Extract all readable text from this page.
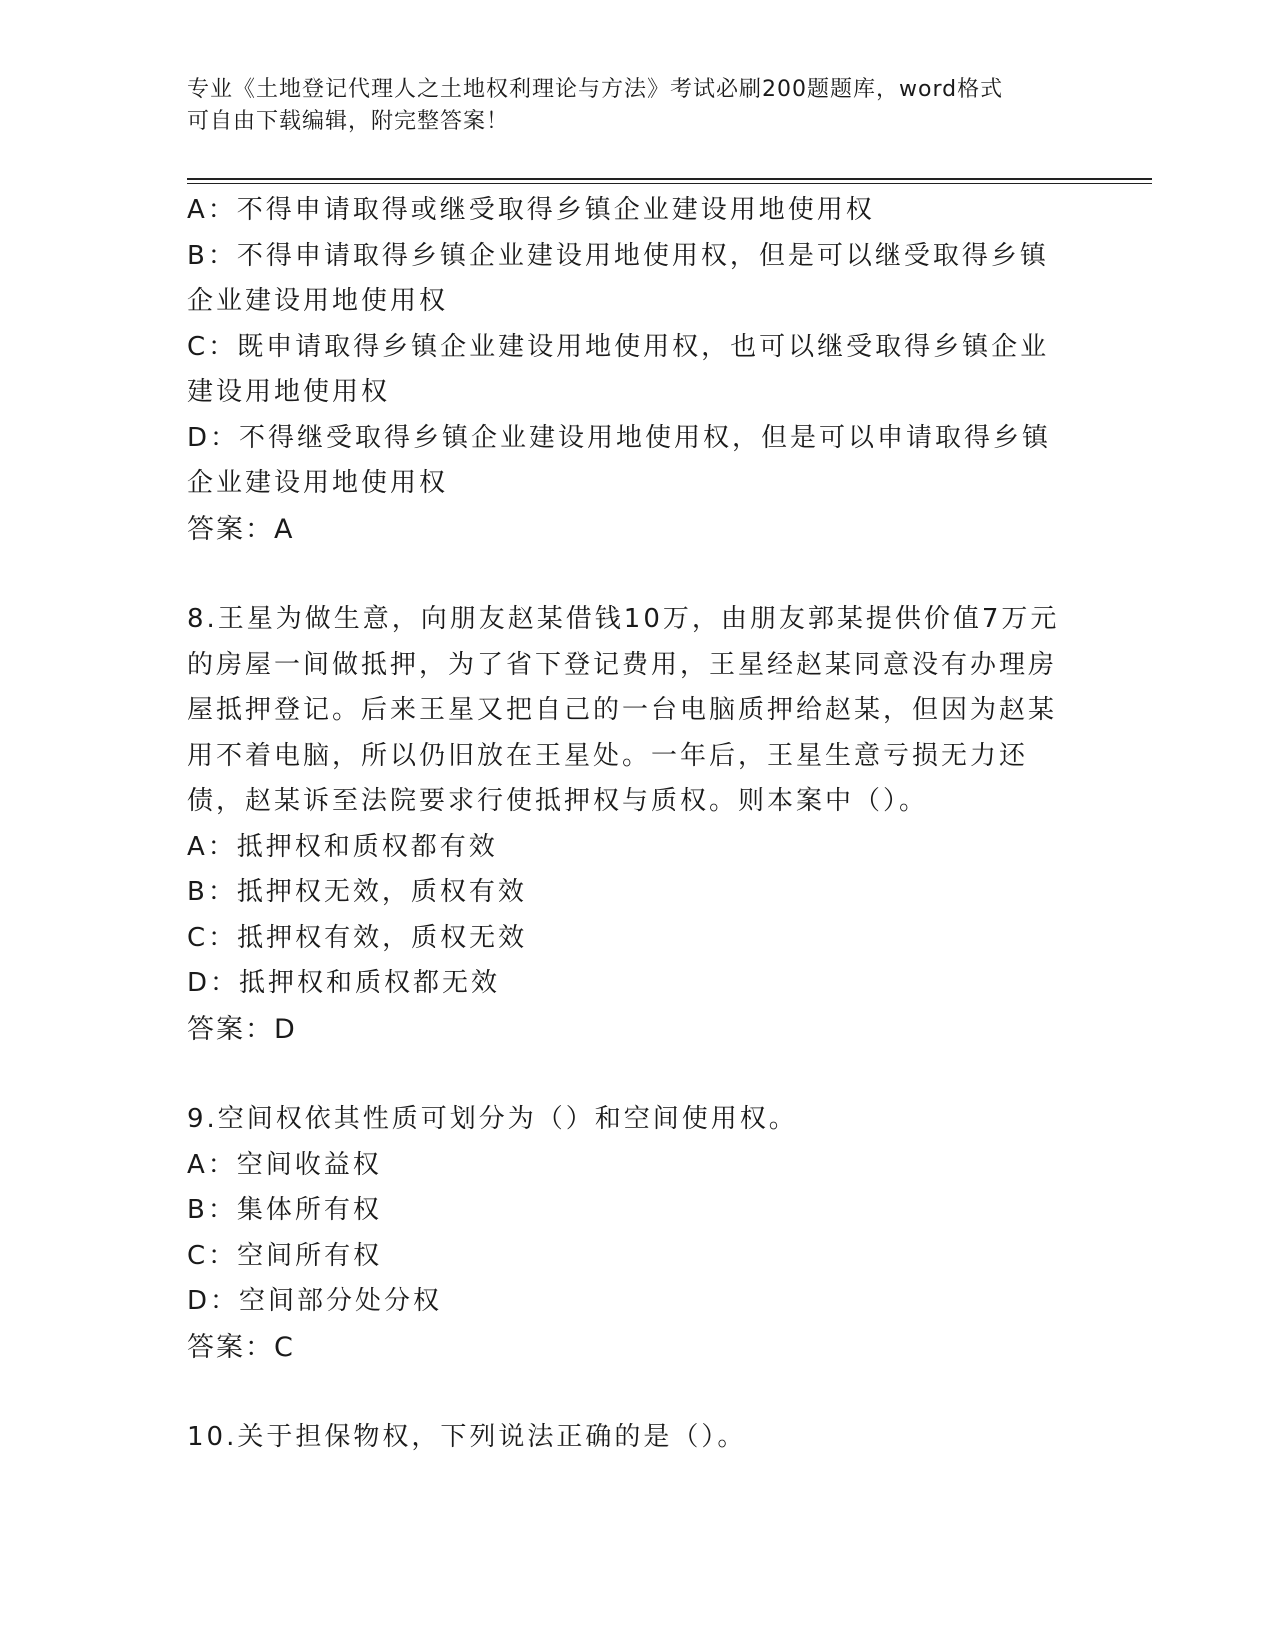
专业《土地登记代理人之土地权利理论与方法》考试必刷200题题库，word格式
可自由下载编辑，附完整答案！

A：不得申请取得或继受取得乡镇企业建设用地使用权

B：不得申请取得乡镇企业建设用地使用权，但是可以继受取得乡镇企业建设用地使用权

C：既申请取得乡镇企业建设用地使用权，也可以继受取得乡镇企业建设用地使用权

D：不得继受取得乡镇企业建设用地使用权，但是可以申请取得乡镇企业建设用地使用权

答案：A

8.王星为做生意，向朋友赵某借钱10万，由朋友郭某提供价值7万元的房屋一间做抵押，为了省下登记费用，王星经赵某同意没有办理房屋抵押登记。后来王星又把自己的一台电脑质押给赵某，但因为赵某用不着电脑，所以仍旧放在王星处。一年后，王星生意亏损无力还债，赵某诉至法院要求行使抵押权与质权。则本案中（）。

A：抵押权和质权都有效

B：抵押权无效，质权有效

C：抵押权有效，质权无效

D：抵押权和质权都无效

答案：D

9.空间权依其性质可划分为（）和空间使用权。

A：空间收益权

B：集体所有权

C：空间所有权

D：空间部分处分权

答案：C

10.关于担保物权，下列说法正确的是（）。
